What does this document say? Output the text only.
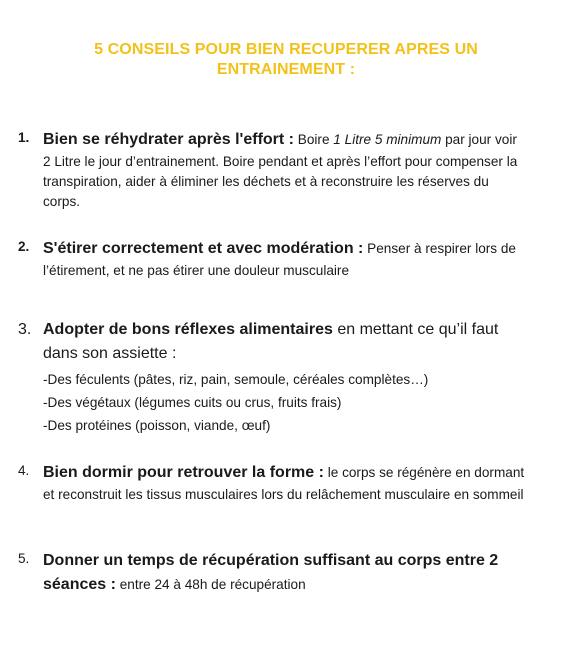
5 CONSEILS POUR BIEN RECUPERER APRES UN ENTRAINEMENT :
1. Bien se réhydrater après l'effort : Boire 1 Litre 5 minimum par jour voir 2 Litre le jour d’entrainement. Boire pendant et après l’effort pour compenser la transpiration, aider à éliminer les déchets et à reconstruire les réserves du corps.
2. S'étirer correctement et avec modération : Penser à respirer lors de l’étirement, et ne pas étirer une douleur musculaire
3. Adopter de bons réflexes alimentaires en mettant ce qu’il faut dans son assiette :
-Des féculents (pâtes, riz, pain, semoule, céréales complètes…)
-Des végétaux (légumes cuits ou crus, fruits frais)
-Des protéines (poisson, viande, œuf)
4. Bien dormir pour retrouver la forme : le corps se régénère en dormant et reconstruit les tissus musculaires lors du relâchement musculaire en sommeil
5. Donner un temps de récupération suffisant au corps entre 2 séances : entre 24 à 48h de récupération
